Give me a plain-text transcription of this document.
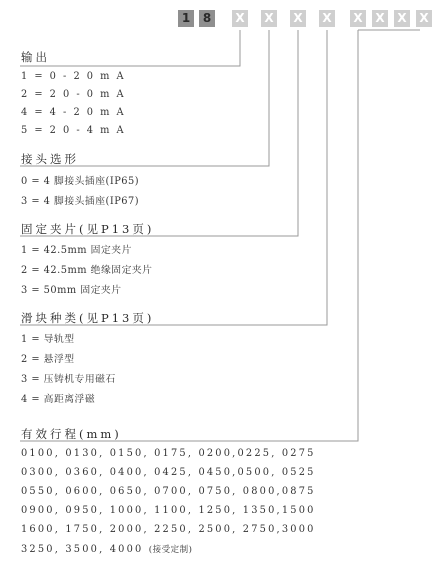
1	8	X X X X X X X X
输出
1 = 0 - 2 0 m A
2 = 2 0 - 0 m A
4 = 4 - 2 0 m A
5 = 2 0 - 4 m A
接头选形
0 = 4 脚接头插座(IP65)
3 = 4 脚接头插座(IP67)
固定夹片(见P13页)
1 = 42.5mm 固定夹片
2 = 42.5mm 绝缘固定夹片
3 = 50mm 固定夹片
滑块种类(见P13页)
1 = 导轨型
2 = 悬浮型
3 = 压铸机专用磁石
4 = 高距离浮磁
有效行程(mm)
0100, 0130, 0150, 0175, 0200,0225, 0275
0300, 0360, 0400, 0425, 0450,0500, 0525
0550, 0600, 0650, 0700, 0750, 0800,0875
0900, 0950, 1000, 1100, 1250, 1350,1500
1600, 1750, 2000, 2250, 2500, 2750,3000
3250, 3500, 4000 (接受定制)
